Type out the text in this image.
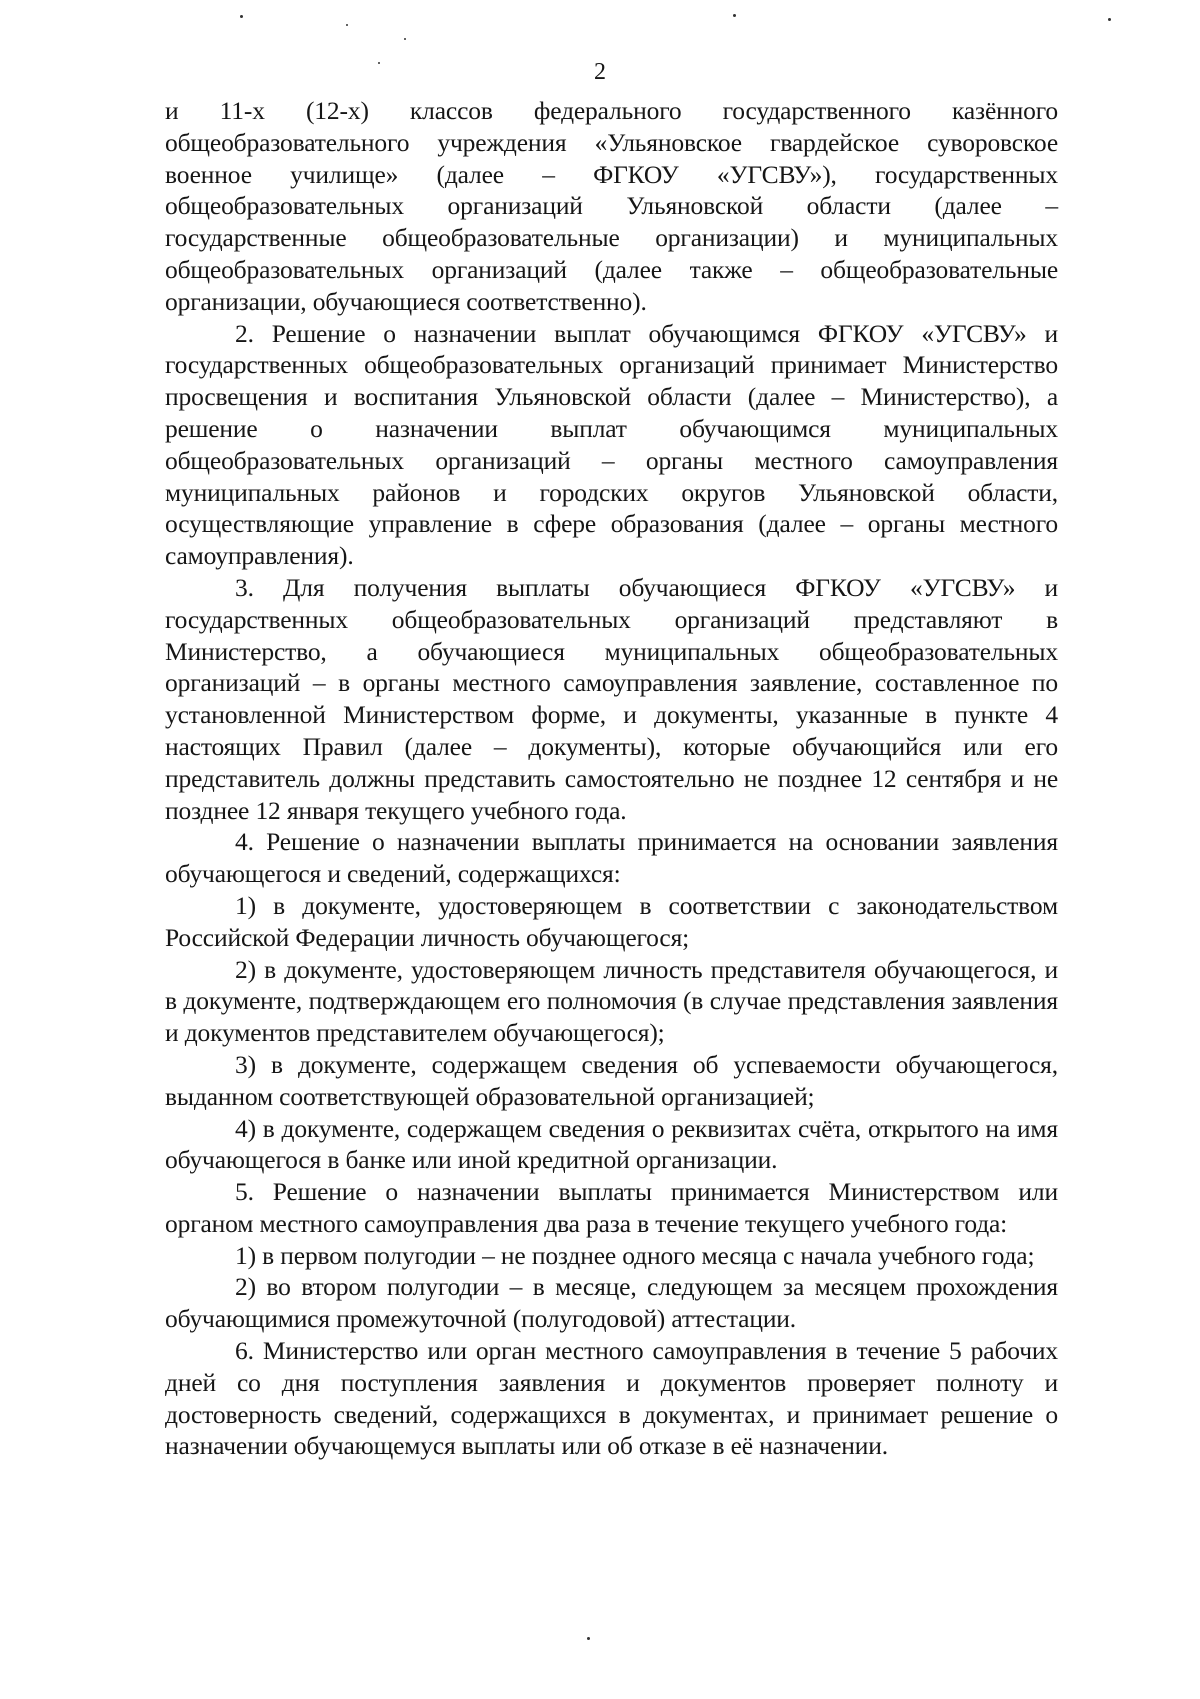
2

и 11-х (12-х) классов федерального государственного казённого общеобразовательного учреждения «Ульяновское гвардейское суворовское военное училище» (далее – ФГКОУ «УГСВУ»), государственных общеобразовательных организаций Ульяновской области (далее – государственные общеобразовательные организации) и муниципальных общеобразовательных организаций (далее также – общеобразовательные организации, обучающиеся соответственно).

2. Решение о назначении выплат обучающимся ФГКОУ «УГСВУ» и государственных общеобразовательных организаций принимает Министерство просвещения и воспитания Ульяновской области (далее – Министерство), а решение о назначении выплат обучающимся муниципальных общеобразовательных организаций – органы местного самоуправления муниципальных районов и городских округов Ульяновской области, осуществляющие управление в сфере образования (далее – органы местного самоуправления).

3. Для получения выплаты обучающиеся ФГКОУ «УГСВУ» и государственных общеобразовательных организаций представляют в Министерство, а обучающиеся муниципальных общеобразовательных организаций – в органы местного самоуправления заявление, составленное по установленной Министерством форме, и документы, указанные в пункте 4 настоящих Правил (далее – документы), которые обучающийся или его представитель должны представить самостоятельно не позднее 12 сентября и не позднее 12 января текущего учебного года.

4. Решение о назначении выплаты принимается на основании заявления обучающегося и сведений, содержащихся:

1) в документе, удостоверяющем в соответствии с законодательством Российской Федерации личность обучающегося;

2) в документе, удостоверяющем личность представителя обучающегося, и в документе, подтверждающем его полномочия (в случае представления заявления и документов представителем обучающегося);

3) в документе, содержащем сведения об успеваемости обучающегося, выданном соответствующей образовательной организацией;

4) в документе, содержащем сведения о реквизитах счёта, открытого на имя обучающегося в банке или иной кредитной организации.

5. Решение о назначении выплаты принимается Министерством или органом местного самоуправления два раза в течение текущего учебного года:

1) в первом полугодии – не позднее одного месяца с начала учебного года;

2) во втором полугодии – в месяце, следующем за месяцем прохождения обучающимися промежуточной (полугодовой) аттестации.

6. Министерство или орган местного самоуправления в течение 5 рабочих дней со дня поступления заявления и документов проверяет полноту и достоверность сведений, содержащихся в документах, и принимает решение о назначении обучающемуся выплаты или об отказе в её назначении.
